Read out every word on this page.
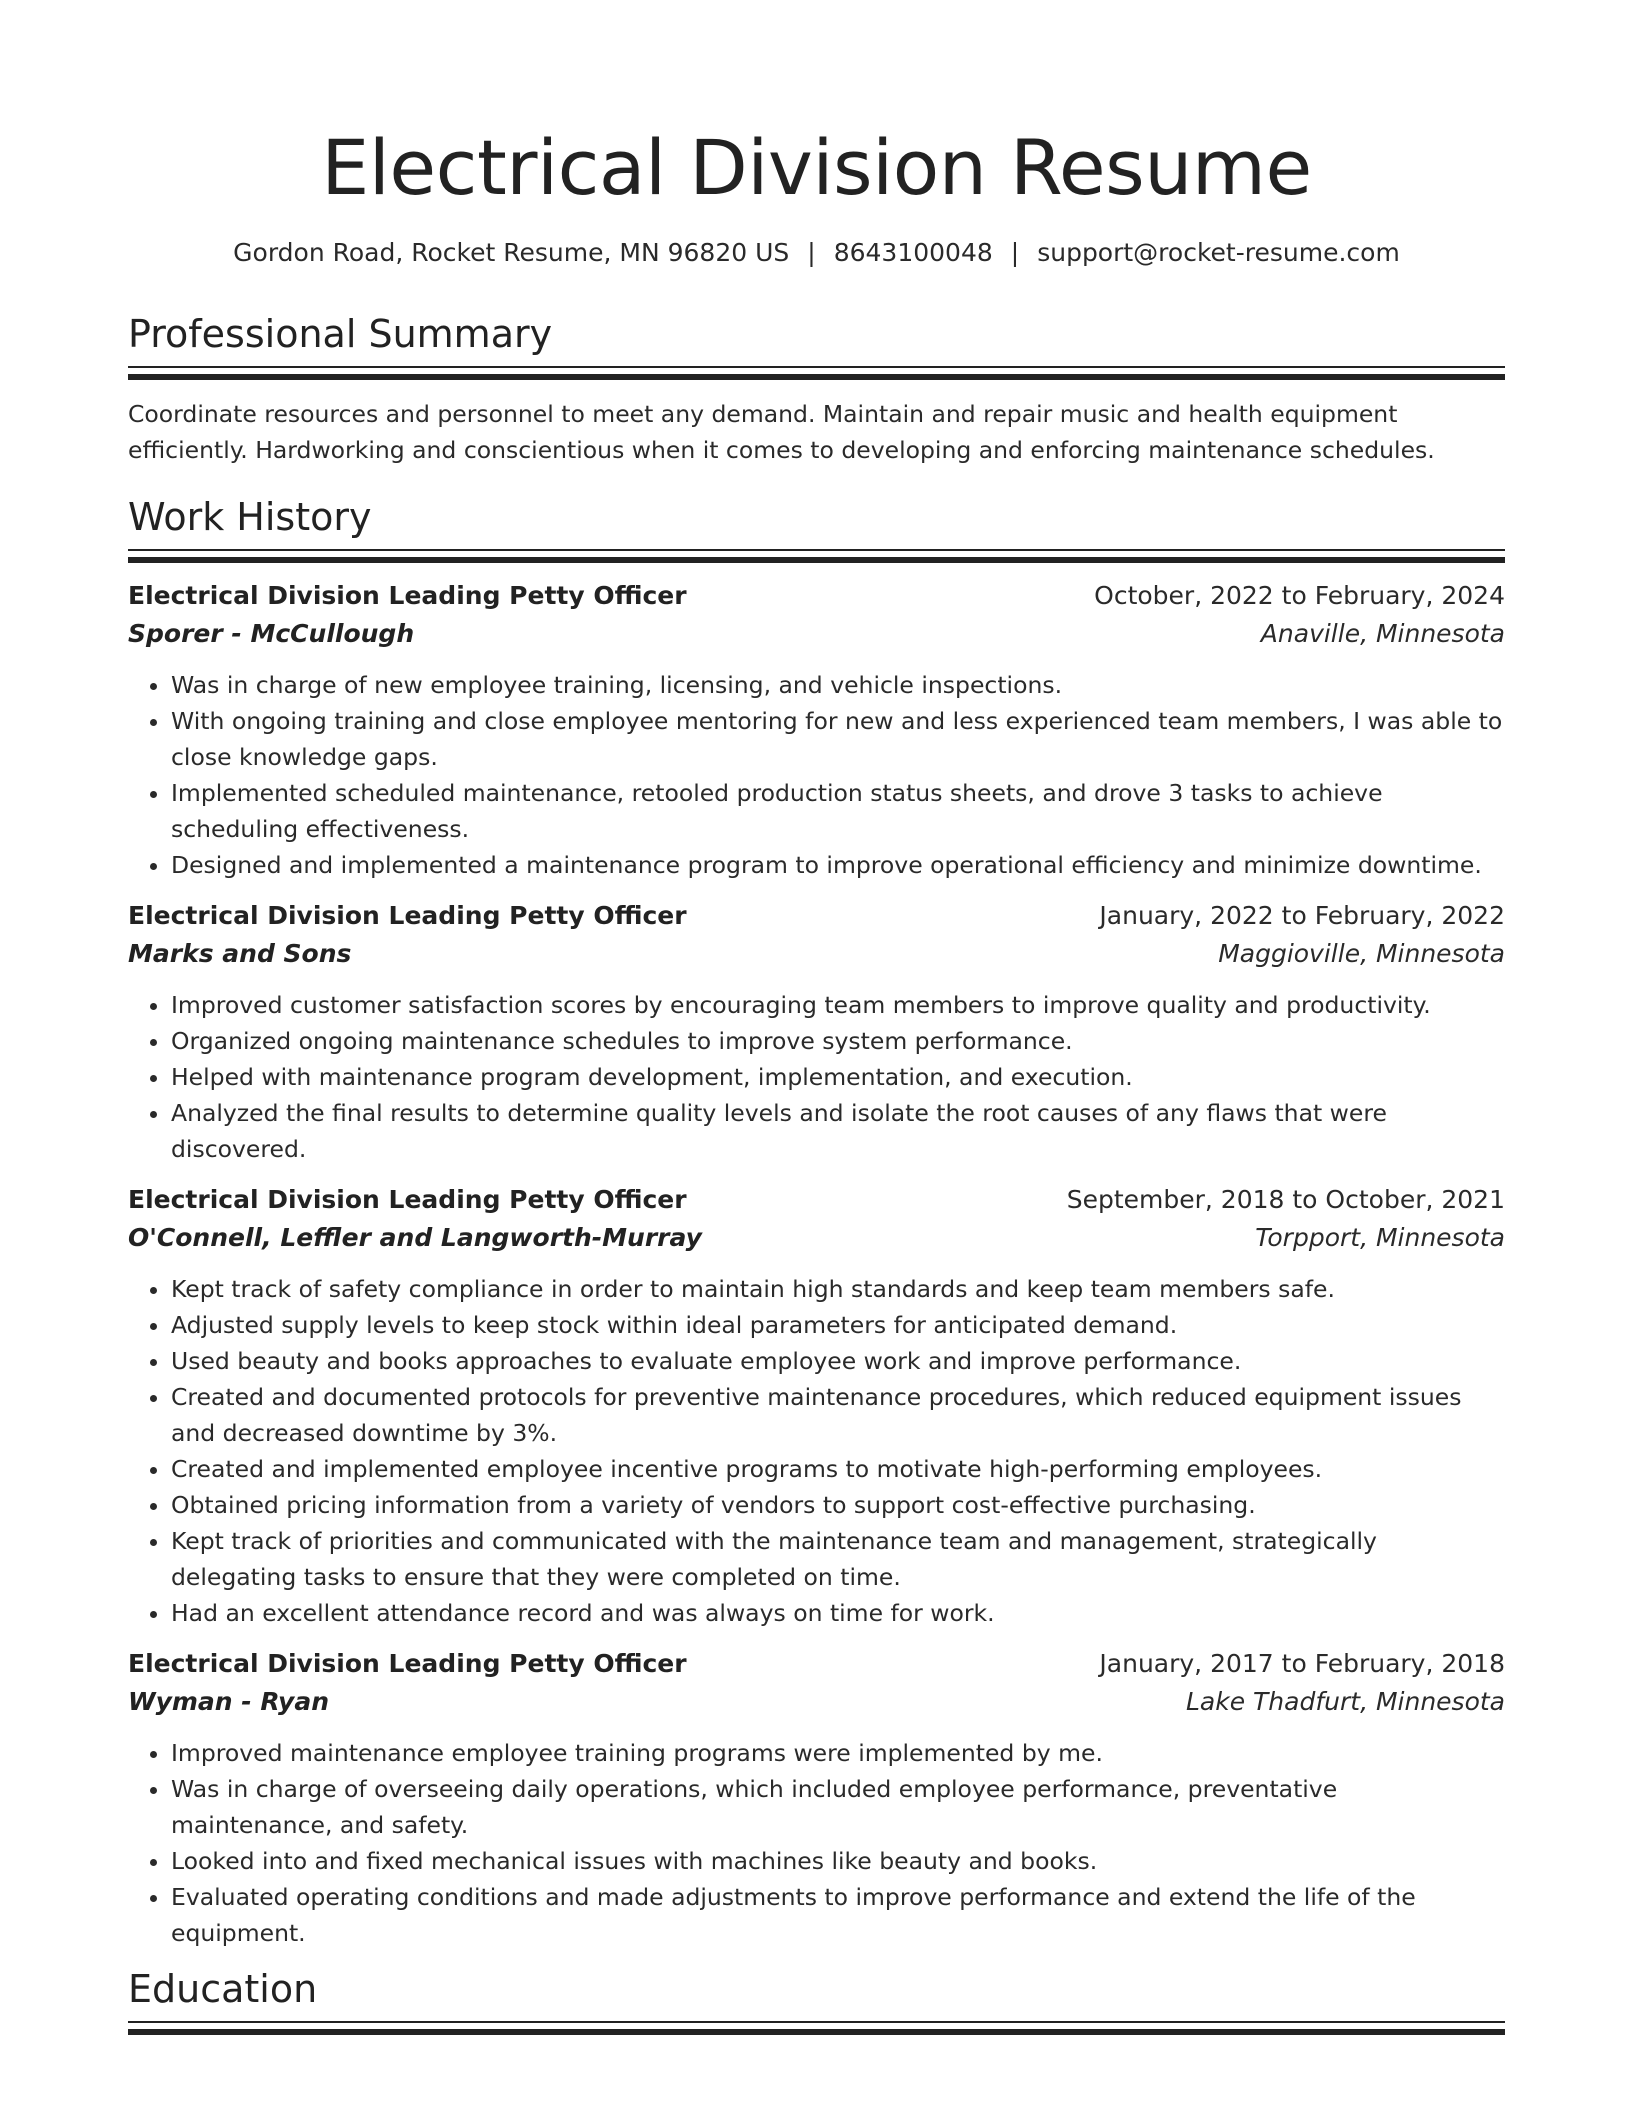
Electrical Division Resume
Gordon Road, Rocket Resume, MN 96820 US | 8643100048 | support@rocket-resume.com
Professional Summary

Coordinate resources and personnel to meet any demand. Maintain and repair music and health equipment efficiently. Hardworking and conscientious when it comes to developing and enforcing maintenance schedules.

Work History
Electrical Division Leading Petty Officer	October, 2022 to February, 2024
Sporer - McCullough	Anaville, Minnesota
• Was in charge of new employee training, licensing, and vehicle inspections.
• With ongoing training and close employee mentoring for new and less experienced team members, I was able to close knowledge gaps.
• Implemented scheduled maintenance, retooled production status sheets, and drove 3 tasks to achieve scheduling effectiveness.
• Designed and implemented a maintenance program to improve operational efficiency and minimize downtime.
Electrical Division Leading Petty Officer	January, 2022 to February, 2022
Marks and Sons	Maggioville, Minnesota
• Improved customer satisfaction scores by encouraging team members to improve quality and productivity.
• Organized ongoing maintenance schedules to improve system performance.
• Helped with maintenance program development, implementation, and execution.
• Analyzed the final results to determine quality levels and isolate the root causes of any flaws that were discovered.
Electrical Division Leading Petty Officer	September, 2018 to October, 2021
O'Connell, Leffler and Langworth-Murray	Torpport, Minnesota
• Kept track of safety compliance in order to maintain high standards and keep team members safe.
• Adjusted supply levels to keep stock within ideal parameters for anticipated demand.
• Used beauty and books approaches to evaluate employee work and improve performance.
• Created and documented protocols for preventive maintenance procedures, which reduced equipment issues and decreased downtime by 3%.
• Created and implemented employee incentive programs to motivate high-performing employees.
• Obtained pricing information from a variety of vendors to support cost-effective purchasing.
• Kept track of priorities and communicated with the maintenance team and management, strategically delegating tasks to ensure that they were completed on time.
• Had an excellent attendance record and was always on time for work.
Electrical Division Leading Petty Officer	January, 2017 to February, 2018
Wyman - Ryan	Lake Thadfurt, Minnesota
• Improved maintenance employee training programs were implemented by me.
• Was in charge of overseeing daily operations, which included employee performance, preventative maintenance, and safety.
• Looked into and fixed mechanical issues with machines like beauty and books.
• Evaluated operating conditions and made adjustments to improve performance and extend the life of the equipment.
Education
